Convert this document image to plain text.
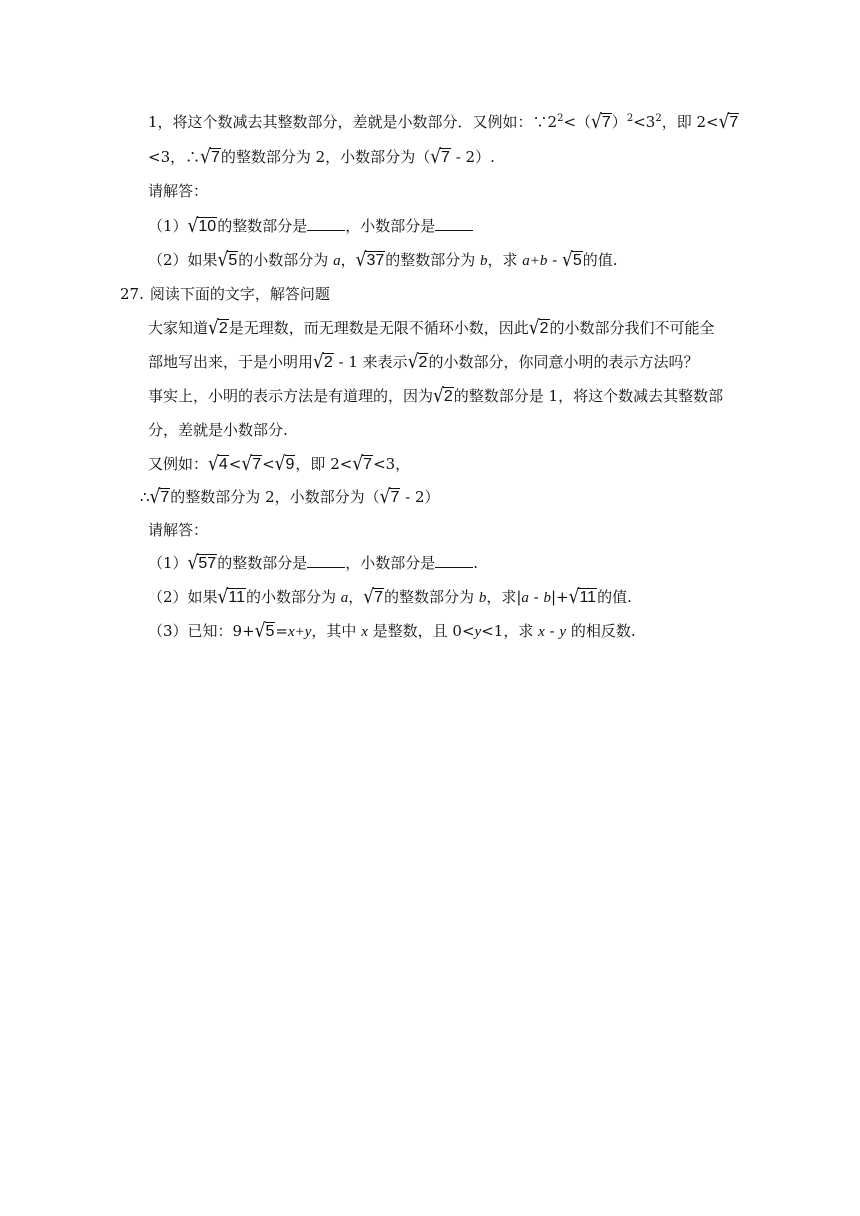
1，将这个数减去其整数部分，差就是小数部分．又例如：$\because 2^2<(√7)^2<3^2$，即 2<√7
<3，∴√7的整数部分为 2，小数部分为（√7 - 2）.
请解答：
（1）√10的整数部分是	，小数部分是
（2）如果√5的小数部分为 a，√37的整数部分为 b，求 a+b - √5的值.
27. 阅读下面的文字，解答问题
大家知道√2是无理数，而无理数是无限不循环小数，因此√2的小数部分我们不可能全
部地写出来，于是小明用√2 - 1 来表示√2的小数部分，你同意小明的表示方法吗？
事实上，小明的表示方法是有道理的，因为√2的整数部分是 1，将这个数减去其整数部
分，差就是小数部分.
又例如：√4<√7<√9，即 2<√7<3，
∴√7的整数部分为 2，小数部分为（√7 - 2）
请解答：
（1）√57的整数部分是	，小数部分是	.
（2）如果√11的小数部分为 a，√7的整数部分为 b，求|a - b|+√11的值.
（3）已知：9+√5=x+y，其中 x 是整数，且 0<y<1，求 x - y 的相反数.
